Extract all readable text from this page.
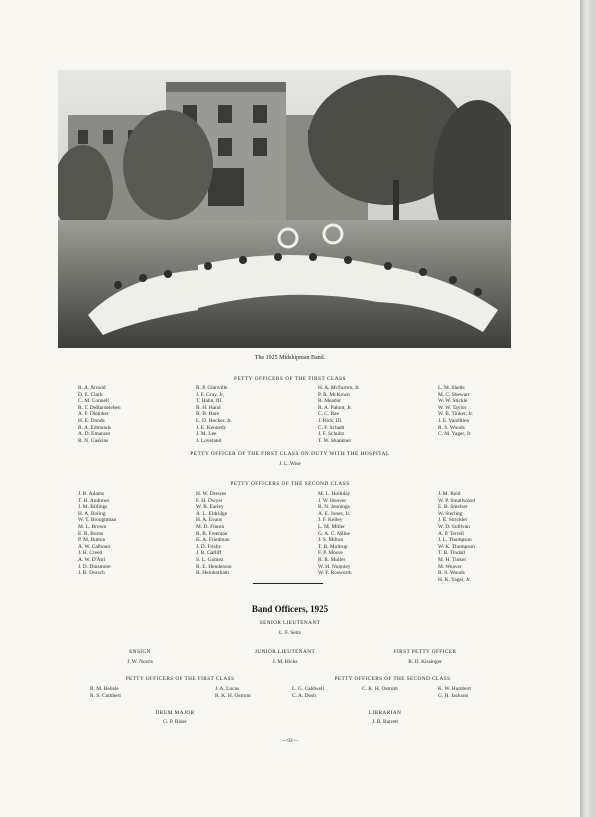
The 1925 Midshipman Band.
PETTY OFFICERS OF THE FIRST CLASS
R. A. Arnold
D. E. Clark
C. M. Connell
R. T. DeBardeleben
A. F. Dieinker
H. E. Donds
R. A. Edmunds
A. D. Emanzer
R. N. Gaskins
R. P. Glanville
J. F. Gray, Jr.
T. Hahn, III.
B. H. Hand
R. B. Hare
L. D. Hocker, Jr.
J. E. Kennedy
J. M. Lee
J. Loveland
H. A. McFarren, Jr.
P. R. McKown
R. Meador
R. A. Palont, Jr.
C. C. Rae
J. Rick, III.
C. F. Schadt
J. F. Schultz
T. W. Shankner
L. M. Shelts
M. C. Shewart
W. W. Stickle
W. W. Taylor
W. B. Tinker, Jr.
J. E. VanHtien
R. S. Woods
C. M. Yager, Jr.
PETTY OFFICER OF THE FIRST CLASS ON DUTY WITH THE HOSPITAL
J. L. Wise
PETTY OFFICERS OF THE SECOND CLASS
J. B. Adams
T. H. Andrews
J. M. Billings
H. A. Boling
W. T. Broughman
M. L. Brown
E. R. Burns
P. M. Button
A. W. Calhoun
J. H. Creed
A. W. D'Atri
J. D. Dinsmore
J. B. Dorsch
H. W. Drewes
F. H. Dwyer
W. R. Earley
A. L. Eldridge
H. A. Evans
M. D. Finton
R. B. Freeman
K. A. Friedman
J. D. Frisby
J. B. Gatliff
S. L. Gomez
R. E. Henderson
B. Heinbotham
M. L. Holliday
J. W. Hoover
R. N. Jennings
A. E. Jones, Jr.
J. F. Kelley
L. M. Miller
G. A. C. Milne
J. S. Milton
T. B. Moltrup
F. P. Moore
R. R. Muller
W. H. Nunnley
W. F. Rosworth
J. M. Reid
W. P. Smallwood
E. B. Smelser
W. Sterling
J. E. Strickler
W. D. Sullivan
A. P. Terrell
J. L. Thompson
W. K. Thompson
T. B. Tindall
M. H. Tinker
M. Weaver
R. S. Woods
H. K. Yagel, Jr.
Band Officers, 1925
SENIOR LIEUTENANT
L. F. Seitz
ENSIGN
J. W. Norris
JUNIOR LIEUTENANT
J. M. Hicks
FIRST PETTY OFFICER
R. D. Kissinger
PETTY OFFICERS OF THE FIRST CLASS
R. M. Belisle
R. S. Cuthbert
J. A. Lucas
R. K. H. Ostrom
PETTY OFFICERS OF THE SECOND CLASS
L. G. Caldwell
C. A. Dosh
C. K. H. Ostrom	K. W. Humbert
G. H. Jackson
DRUM MAJOR
G. P. Rider
LIBRARIAN
J. R. Barrett
—92—
